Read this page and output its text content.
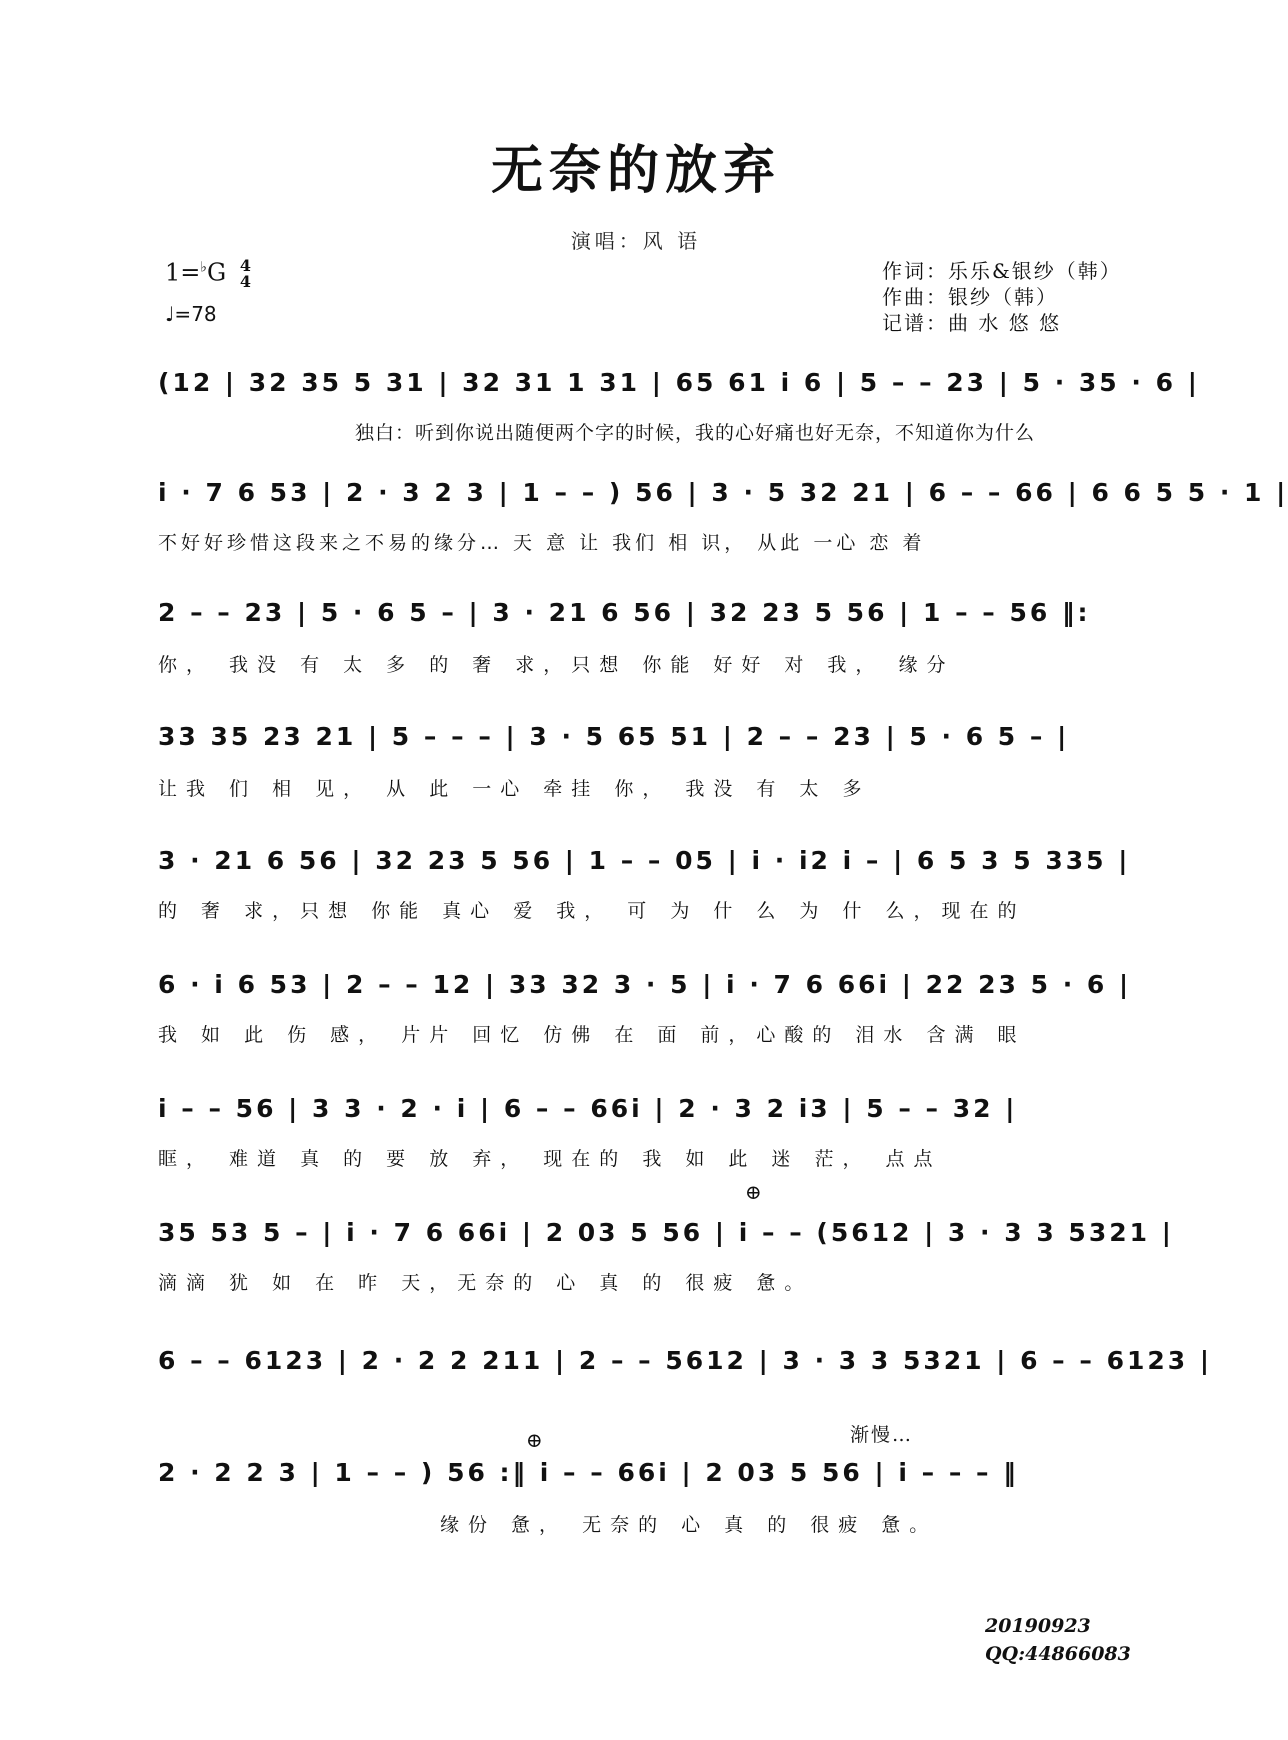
无奈的放弃
演唱：风 语
1=♭G 4
4
♩=78
作词：乐乐&银纱（韩）
作曲：银纱（韩）
记谱：曲 水 悠 悠
(12 | 32 35 5 31 | 32 31 1 31 | 65 61 i 6 | 5 – – 23 | 5 · 35 · 6 |
独白：听到你说出随便两个字的时候，我的心好痛也好无奈，不知道你为什么
i · 7 6 53 | 2 · 3 2 3 | 1 – – ) 56 | 3 · 5 32 21 | 6 – – 66 | 6 6 5 5 · 1 |
不好好珍惜这段来之不易的缘分… 天 意 让 我们 相 识， 从此 一心 恋 着
2 – – 23 | 5 · 6 5 – | 3 · 21 6 56 | 32 23 5 56 | 1 – – 56 ‖:
你， 我没 有 太 多 的 奢 求，只想 你能 好好 对 我， 缘分
33 35 23 21 | 5 – – – | 3 · 5 65 51 | 2 – – 23 | 5 · 6 5 – |
让我 们 相 见， 从 此 一心 牵挂 你， 我没 有 太 多
3 · 21 6 56 | 32 23 5 56 | 1 – – 05 | i · i2 i – | 6 5 3 5 335 |
的 奢 求，只想 你能 真心 爱 我， 可 为 什 么 为 什 么，现在的
6 · i 6 53 | 2 – – 12 | 33 32 3 · 5 | i · 7 6 66i | 22 23 5 · 6 |
我 如 此 伤 感， 片片 回忆 仿佛 在 面 前，心酸的 泪水 含满 眼
i – – 56 | 3 3 · 2 · i | 6 – – 66i | 2 · 3 2 i3 | 5 – – 32 |
眶， 难道 真 的 要 放 弃， 现在的 我 如 此 迷 茫， 点点
⊕
35 53 5 – | i · 7 6 66i | 2 03 5 56 | i – – (5612 | 3 · 3 3 5321 |
滴滴 犹 如 在 昨 天，无奈的 心 真 的 很疲 惫。
6 – – 6123 | 2 · 2 2 211 | 2 – – 5612 | 3 · 3 3 5321 | 6 – – 6123 |
渐慢…
⊕
2 · 2 2 3 | 1 – – ) 56 :‖ i – – 66i | 2 03 5 56 | i – – – ‖
缘份 惫， 无奈的 心 真 的 很疲 惫。
20190923
QQ:44866083
